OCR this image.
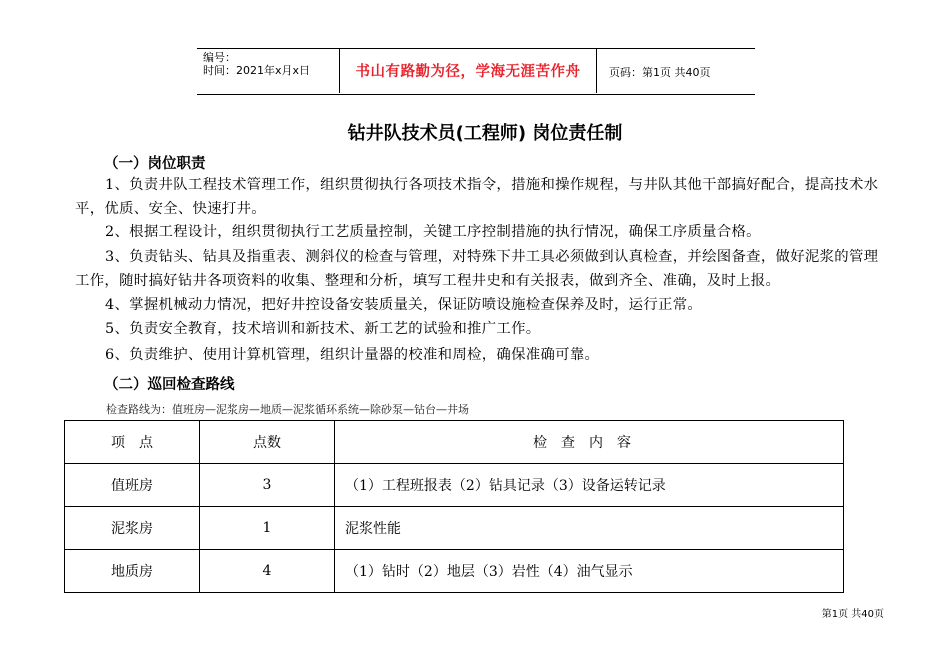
编号：
时间：2021年x月x日	书山有路勤为径，学海无涯苦作舟	页码：第1页 共40页
钻井队技术员(工程师) 岗位责任制
（一）岗位职责
1、负责井队工程技术管理工作，组织贯彻执行各项技术指令，措施和操作规程，与井队其他干部搞好配合，提高技术水平，优质、安全、快速打井。
2、根据工程设计，组织贯彻执行工艺质量控制，关键工序控制措施的执行情况，确保工序质量合格。
3、负责钻头、钻具及指重表、测斜仪的检查与管理，对特殊下井工具必须做到认真检查，并绘图备查，做好泥浆的管理工作，随时搞好钻井各项资料的收集、整理和分析，填写工程井史和有关报表，做到齐全、准确，及时上报。
4、掌握机械动力情况，把好井控设备安装质量关，保证防喷设施检查保养及时，运行正常。
5、负责安全教育，技术培训和新技术、新工艺的试验和推广工作。
6、负责维护、使用计算机管理，组织计量器的校准和周检，确保准确可靠。
（二）巡回检查路线
检查路线为：值班房—泥浆房—地质—泥浆循环系统—除砂泵—钻台—井场
项　点	点数	检查内容
值班房	3	（1）工程班报表（2）钻具记录（3）设备运转记录
泥浆房	1	泥浆性能
地质房	4	（1）钻时（2）地层（3）岩性（4）油气显示
第1页 共40页
